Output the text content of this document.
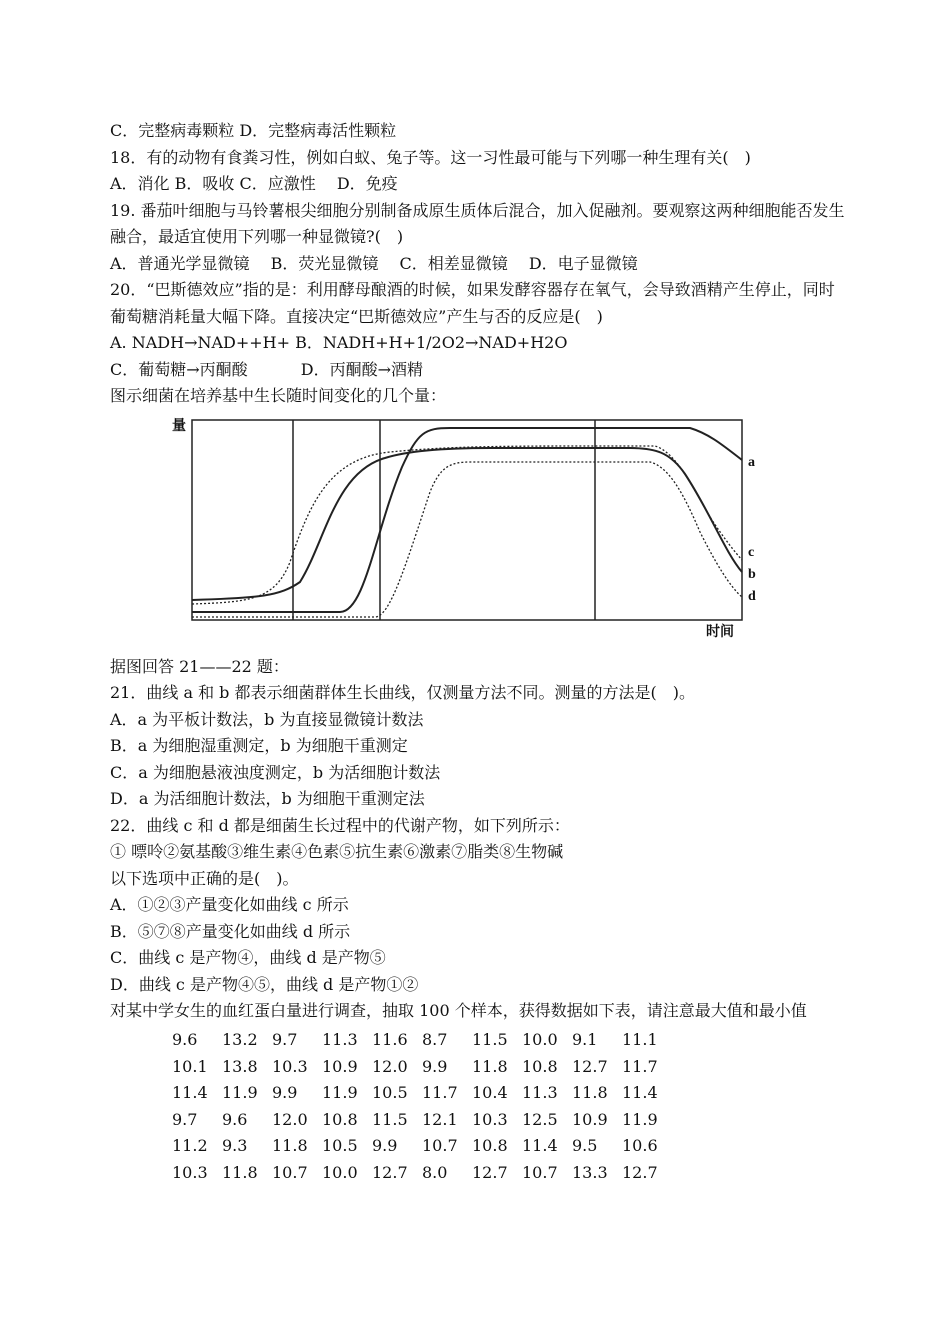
C．完整病毒颗粒 D．完整病毒活性颗粒
18．有的动物有食粪习性，例如白蚁、兔子等。这一习性最可能与下列哪一种生理有关(　)
A．消化 B．吸收 C．应激性　 D．免疫
19. 番茄叶细胞与马铃薯根尖细胞分别制备成原生质体后混合，加入促融剂。要观察这两种细胞能否发生融合，最适宜使用下列哪一种显微镜?(　)
A．普通光学显微镜　 B．荧光显微镜　 C．相差显微镜　 D．电子显微镜
20．“巴斯德效应”指的是：利用酵母酿酒的时候，如果发酵容器存在氧气，会导致酒精产生停止，同时葡萄糖消耗量大幅下降。直接决定“巴斯德效应”产生与否的反应是(　)
A. NADH→NAD++H+ B．NADH+H+1/2O2→NAD+H2O
C．葡萄糖→丙酮酸　　　 D．丙酮酸→酒精
图示细菌在培养基中生长随时间变化的几个量：
量
时间
a
b
c
d
据图回答 21——22 题：
21．曲线 a 和 b 都表示细菌群体生长曲线，仅测量方法不同。测量的方法是(　)。
A．a 为平板计数法，b 为直接显微镜计数法
B．a 为细胞湿重测定，b 为细胞干重测定
C．a 为细胞悬液浊度测定，b 为活细胞计数法
D．a 为活细胞计数法，b 为细胞干重测定法
22．曲线 c 和 d 都是细菌生长过程中的代谢产物，如下列所示：
① 嘌呤②氨基酸③维生素④色素⑤抗生素⑥激素⑦脂类⑧生物碱
以下选项中正确的是(　)。
A．①②③产量变化如曲线 c 所示
B．⑤⑦⑧产量变化如曲线 d 所示
C．曲线 c 是产物④，曲线 d 是产物⑤
D．曲线 c 是产物④⑤，曲线 d 是产物①②
对某中学女生的血红蛋白量进行调查，抽取 100 个样本，获得数据如下表，请注意最大值和最小值
9.6	13.2	9.7	11.3	11.6	8.7	11.5	10.0	9.1	11.1
10.1	13.8	10.3	10.9	12.0	9.9	11.8	10.8	12.7	11.7
11.4	11.9	9.9	11.9	10.5	11.7	10.4	11.3	11.8	11.4
9.7	9.6	12.0	10.8	11.5	12.1	10.3	12.5	10.9	11.9
11.2	9.3	11.8	10.5	9.9	10.7	10.8	11.4	9.5	10.6
10.3	11.8	10.7	10.0	12.7	8.0	12.7	10.7	13.3	12.7
